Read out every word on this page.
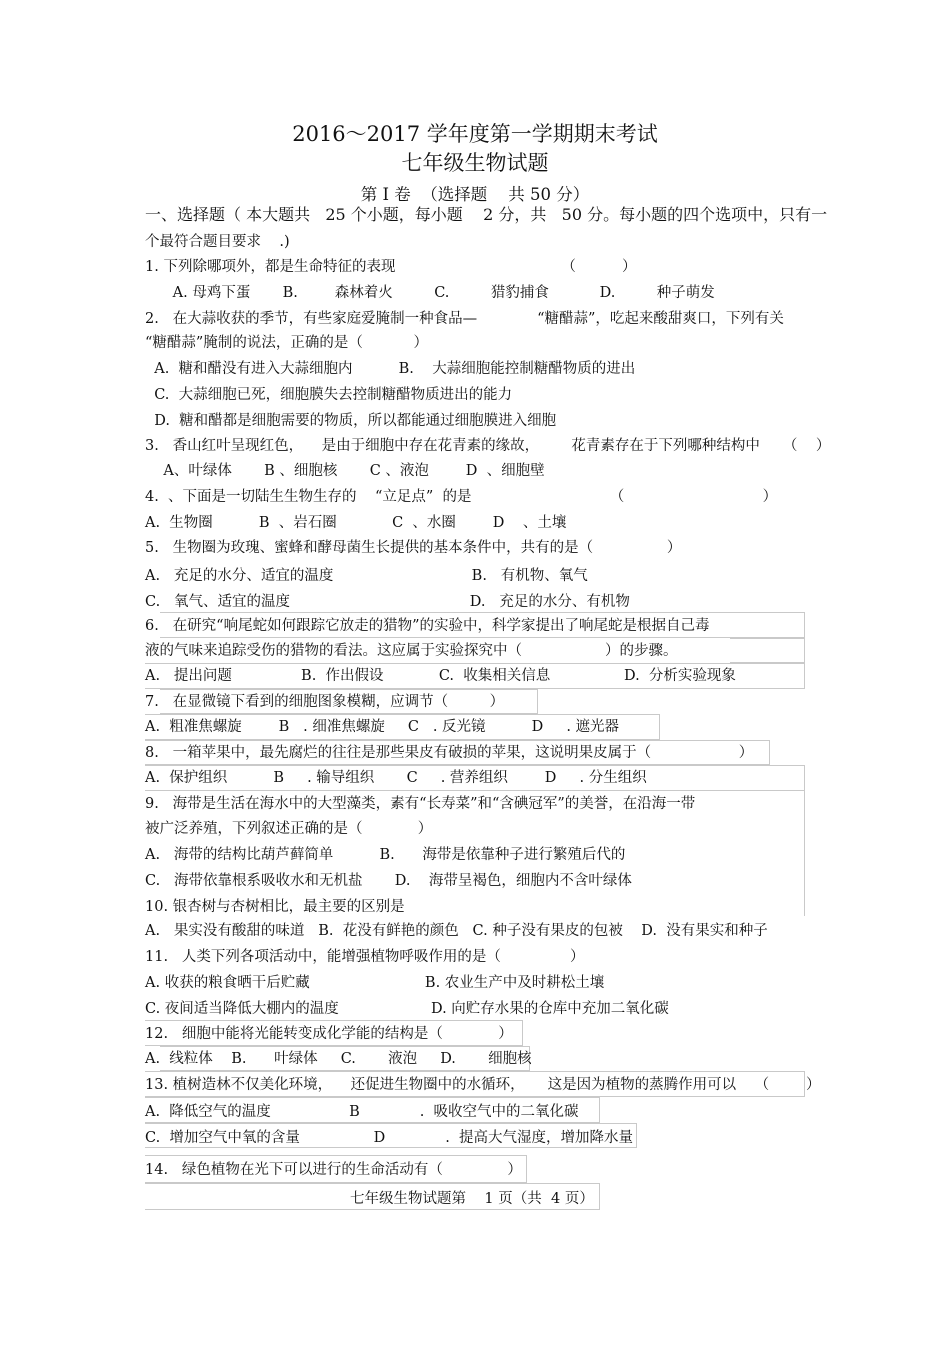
2016～2017 学年度第一学期期末考试
七年级生物试题
第 I 卷  （选择题    共 50 分）
一、选择题（ 本大题共   25 个小题，每小题    2 分，共   50 分。每小题的四个选项中，只有一
个最符合题目要求    .)
1. 下列除哪项外，都是生命特征的表现                                    （          ）
A. 母鸡下蛋       B.        森林着火         C.         猎豹捕食           D.         种子萌发
2.   在大蒜收获的季节，有些家庭爱腌制一种食品—             “糖醋蒜”，吃起来酸甜爽口，下列有关
“糖醋蒜”腌制的说法，正确的是（           ）
A.  糖和醋没有进入大蒜细胞内          B.    大蒜细胞能控制糖醋物质的进出
C.  大蒜细胞已死，细胞膜失去控制糖醋物质进出的能力
D.  糖和醋都是细胞需要的物质，所以都能通过细胞膜进入细胞
3.   香山红叶呈现红色，    是由于细胞中存在花青素的缘故，       花青素存在于下列哪种结构中     （    ）
A、叶绿体       B 、细胞核       C 、液泡        D  、细胞壁
4.  、下面是一切陆生生物生存的    “立足点”  的是                              （                              ）
A.  生物圈          B  、岩石圈            C  、水圈        D    、土壤
5.   生物圈为玫瑰、蜜蜂和酵母菌生长提供的基本条件中，共有的是（                ）
A.   充足的水分、适宜的温度                              B.   有机物、氧气
C.   氧气、适宜的温度                                       D.   充足的水分、有机物
6.   在研究“响尾蛇如何跟踪它放走的猎物”的实验中，科学家提出了响尾蛇是根据自己毒
液的气味来追踪受伤的猎物的看法。这应属于实验探究中（                  ）的步骤。
A.   提出问题               B.  作出假设            C.  收集相关信息                D.  分析实验现象
7.   在显微镜下看到的细胞图象模糊，应调节（         ）
A.  粗准焦螺旋        B   . 细准焦螺旋     C   . 反光镜          D     . 遮光器
8.   一箱苹果中，最先腐烂的往往是那些果皮有破损的苹果，这说明果皮属于（                   ）
A.  保护组织          B     . 输导组织       C     . 营养组织        D     . 分生组织
9.   海带是生活在海水中的大型藻类，素有“长寿菜”和“含碘冠军”的美誉，在沿海一带
被广泛养殖，下列叙述正确的是（            ）
A.   海带的结构比葫芦藓简单          B.      海带是依靠种子进行繁殖后代的
C.   海带依靠根系吸收水和无机盐       D.    海带呈褐色，细胞内不含叶绿体
10. 银杏树与杏树相比，最主要的区别是
A.   果实没有酸甜的味道   B.  花没有鲜艳的颜色   C. 种子没有果皮的包被    D.  没有果实和种子
11.   人类下列各项活动中，能增强植物呼吸作用的是（               ）
A. 收获的粮食晒干后贮藏                         B. 农业生产中及时耕松土壤
C. 夜间适当降低大棚内的温度                    D. 向贮存水果的仓库中充加二氧化碳
12.   细胞中能将光能转变成化学能的结构是（            ）
A.  线粒体    B.      叶绿体     C.       液泡     D.       细胞核
13. 植树造林不仅美化环境，    还促进生物圈中的水循环，     这是因为植物的蒸腾作用可以    （        ）
A.  降低空气的温度                 B             .  吸收空气中的二氧化碳
C.  增加空气中氧的含量                D             .  提高大气湿度，增加降水量
14.   绿色植物在光下可以进行的生命活动有（              ）
七年级生物试题第    1 页（共  4 页）
